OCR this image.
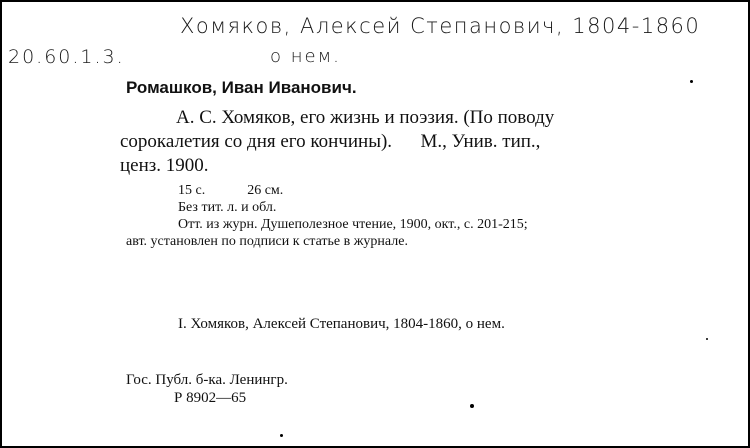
Хомяков, Алексей Степанович, 1804-1860
20.60.1.3.	о нем.
Ромашков, Иван Иванович.

А. С. Хомяков, его жизнь и поэзия. (По поводу

сорокалетия со дня его кончины).      М., Унив. тип.,

ценз. 1900.

15 с.	26 см.
Без тит. л. и обл.

Отт. из журн. Душеполезное чтение, 1900, окт., с. 201-215;

авт. установлен по подписи к статье в журнале.

I. Хомяков, Алексей Степанович, 1804-1860, о нем.
Гос. Публ. б-ка. Ленингр.
Р 8902—65
